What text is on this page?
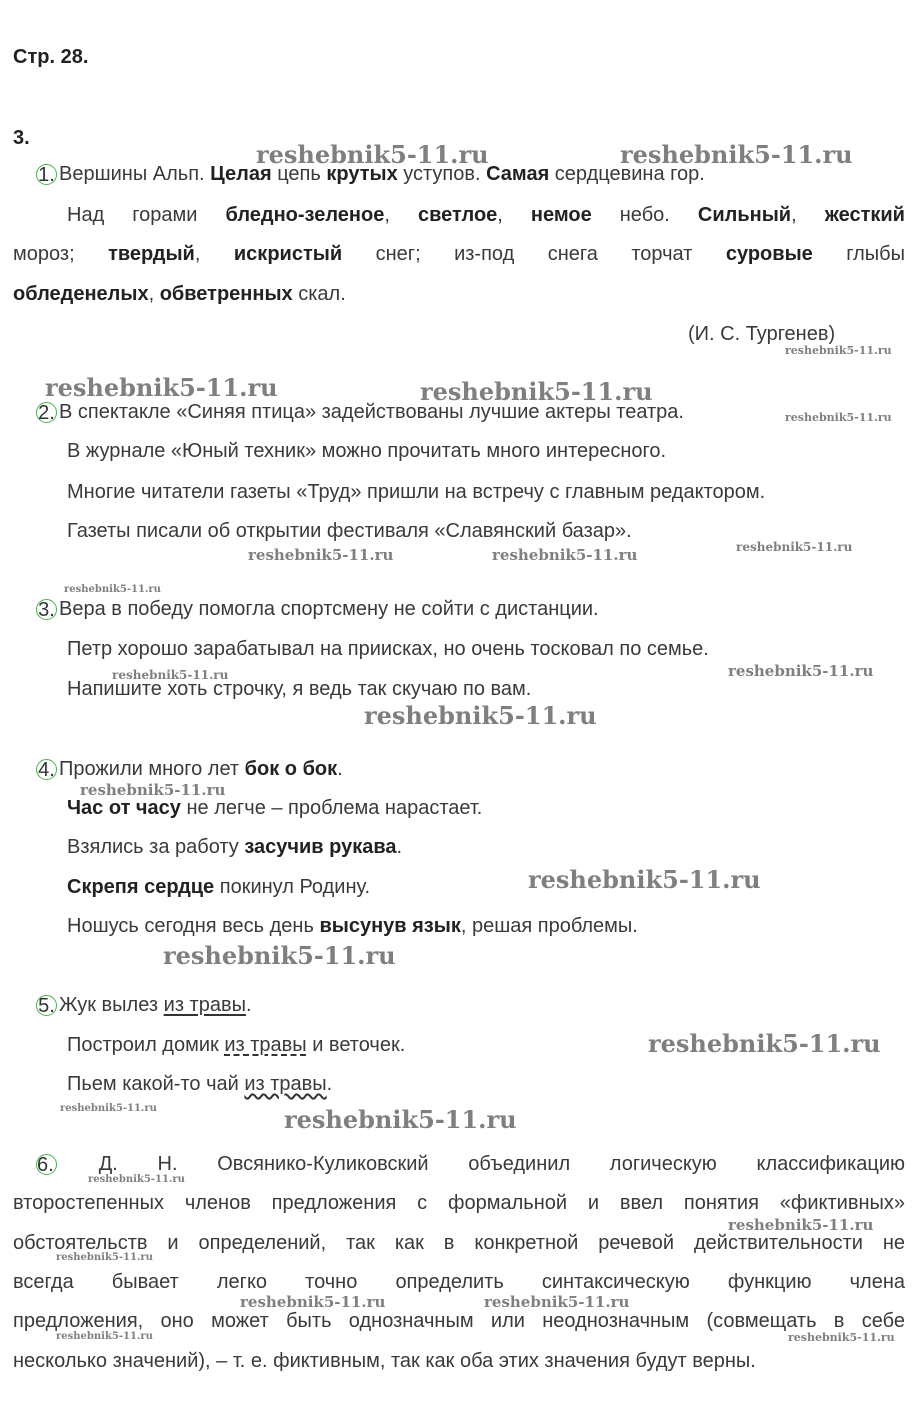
Стр. 28.
3.
1. Вершины Альп. Целая цепь крутых уступов. Самая сердцевина гор.
Над горами бледно-зеленое, светлое, немое небо. Сильный, жесткий
мороз; твердый, искристый снег; из-под снега торчат суровые глыбы
обледенелых, обветренных скал.
(И. С. Тургенев)
2. В спектакле «Синяя птица» задействованы лучшие актеры театра.
В журнале «Юный техник» можно прочитать много интересного.
Многие читатели газеты «Труд» пришли на встречу с главным редактором.
Газеты писали об открытии фестиваля «Славянский базар».
3. Вера в победу помогла спортсмену не сойти с дистанции.
Петр хорошо зарабатывал на приисках, но очень тосковал по семье.
Напишите хоть строчку, я ведь так скучаю по вам.
4. Прожили много лет бок о бок.
Час от часу не легче – проблема нарастает.
Взялись за работу засучив рукава.
Скрепя сердце покинул Родину.
Ношусь сегодня весь день высунув язык, решая проблемы.
5. Жук вылез из травы.
Построил домик из травы и веточек.
Пьем какой-то чай из травы.
6. Д. Н. Овсянико-Куликовский объединил логическую классификацию
второстепенных членов предложения с формальной и ввел понятия «фиктивных»
обстоятельств и определений, так как в конкретной речевой действительности не
всегда бывает легко точно определить синтаксическую функцию члена
предложения, оно может быть однозначным или неоднозначным (совмещать в себе
несколько значений), – т. е. фиктивным, так как оба этих значения будут верны.
reshebnik5-11.ru	reshebnik5-11.ru
reshebnik5-11.ru
reshebnik5-11.ru	reshebnik5-11.ru
reshebnik5-11.ru
reshebnik5-11.ru	reshebnik5-11.ru	reshebnik5-11.ru
reshebnik5-11.ru
reshebnik5-11.ru
reshebnik5-11.ru
reshebnik5-11.ru
reshebnik5-11.ru
reshebnik5-11.ru
reshebnik5-11.ru
reshebnik5-11.ru
reshebnik5-11.ru	reshebnik5-11.ru
reshebnik5-11.ru
reshebnik5-11.ru
reshebnik5-11.ru
reshebnik5-11.ru	reshebnik5-11.ru
reshebnik5-11.ru	reshebnik5-11.ru
